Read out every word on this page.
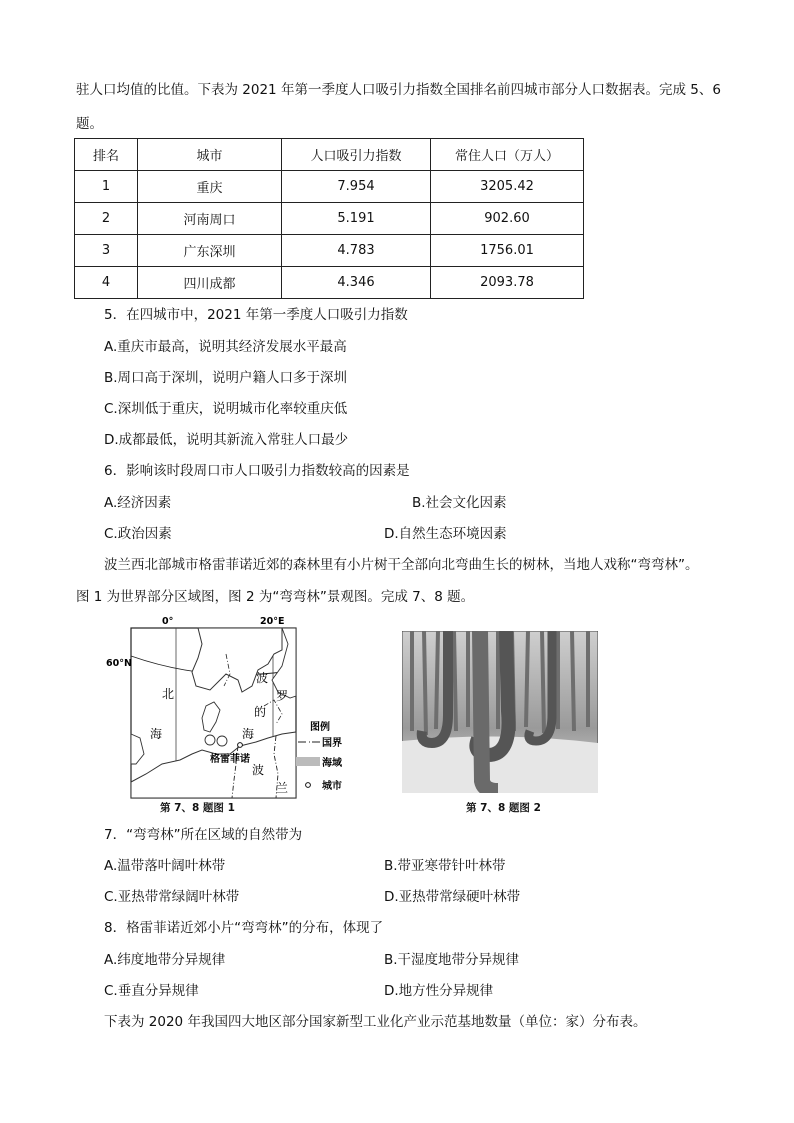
驻人口均值的比值。下表为 2021 年第一季度人口吸引力指数全国排名前四城市部分人口数据表。完成 5、6
题。
排名	城市	人口吸引力指数	常住人口（万人）
1	重庆	7.954	3205.42
2	河南周口	5.191	902.60
3	广东深圳	4.783	1756.01
4	四川成都	4.346	2093.78
5．在四城市中，2021 年第一季度人口吸引力指数
A.重庆市最高，说明其经济发展水平最高
B.周口高于深圳，说明户籍人口多于深圳
C.深圳低于重庆，说明城市化率较重庆低
D.成都最低，说明其新流入常驻人口最少
6．影响该时段周口市人口吸引力指数较高的因素是
A.经济因素	B.社会文化因素
C.政治因素	D.自然生态环境因素
波兰西北部城市格雷菲诺近郊的森林里有小片树干全部向北弯曲生长的树林，当地人戏称“弯弯林”。
图 1 为世界部分区域图，图 2 为“弯弯林”景观图。完成 7、8 题。
0°	20°E
60°N
北
海
波
的
海
罗
波
兰
格雷菲诺
图例
国界
海域
城市
第 7、8 题图 1	第 7、8 题图 2
7．“弯弯林”所在区域的自然带为
A.温带落叶阔叶林带	B.带亚寒带针叶林带
C.亚热带常绿阔叶林带	D.亚热带常绿硬叶林带
8．格雷菲诺近郊小片“弯弯林”的分布，体现了
A.纬度地带分异规律	B.干湿度地带分异规律
C.垂直分异规律	D.地方性分异规律
下表为 2020 年我国四大地区部分国家新型工业化产业示范基地数量（单位：家）分布表。
